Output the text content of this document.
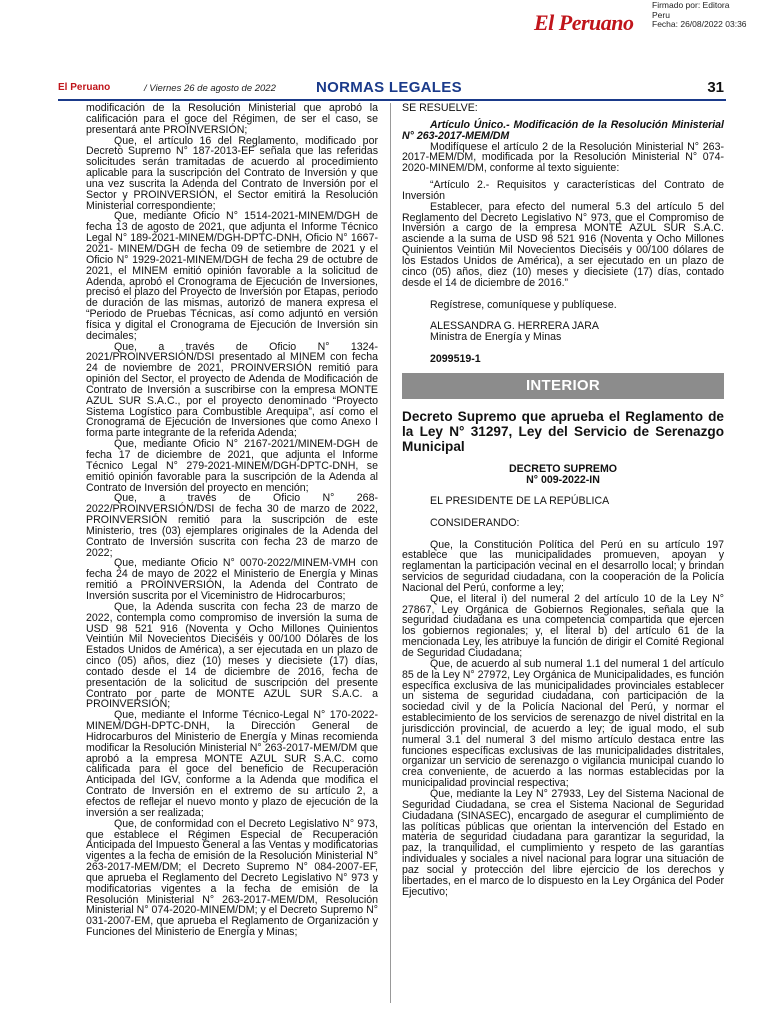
El Peruano
Firmado por: Editora
Peru
Fecha: 26/08/2022 03:36
El Peruano	/ Viernes 26 de agosto de 2022	NORMAS LEGALES	31

modificación de la Resolución Ministerial que aprobó la calificación para el goce del Régimen, de ser el caso, se presentará ante PROINVERSIÓN;

Que, el artículo 16 del Reglamento, modificado por Decreto Supremo N° 187-2013-EF señala que las referidas solicitudes serán tramitadas de acuerdo al procedimiento aplicable para la suscripción del Contrato de Inversión y que una vez suscrita la Adenda del Contrato de Inversión por el Sector y PROINVERSIÓN, el Sector emitirá la Resolución Ministerial correspondiente;

Que, mediante Oficio N° 1514-2021-MINEM/DGH de fecha 13 de agosto de 2021, que adjunta el Informe Técnico Legal N° 189-2021-MINEM/DGH-DPTC-DNH, Oficio N° 1667-2021- MINEM/DGH de fecha 09 de setiembre de 2021 y el Oficio N° 1929-2021-MINEM/DGH de fecha 29 de octubre de 2021, el MINEM emitió opinión favorable a la solicitud de Adenda, aprobó el Cronograma de Ejecución de Inversiones, precisó el plazo del Proyecto de Inversión por Etapas, periodo de duración de las mismas, autorizó de manera expresa el “Periodo de Pruebas Técnicas, así como adjuntó en versión física y digital el Cronograma de Ejecución de Inversión sin decimales;

Que, a través de Oficio N° 1324-2021/PROINVERSIÓN/DSI presentado al MINEM con fecha 24 de noviembre de 2021, PROINVERSIÓN remitió para opinión del Sector, el proyecto de Adenda de Modificación de Contrato de Inversión a suscribirse con la empresa MONTE AZUL SUR S.A.C., por el proyecto denominado “Proyecto Sistema Logístico para Combustible Arequipa”, así como el Cronograma de Ejecución de Inversiones que como Anexo I forma parte integrante de la referida Adenda;

Que, mediante Oficio N° 2167-2021/MINEM-DGH de fecha 17 de diciembre de 2021, que adjunta el Informe Técnico Legal N° 279-2021-MINEM/DGH-DPTC-DNH, se emitió opinión favorable para la suscripción de la Adenda al Contrato de Inversión del proyecto en mención;

Que, a través de Oficio N° 268-2022/PROINVERSIÓN/DSI de fecha 30 de marzo de 2022, PROINVERSIÓN remitió para la suscripción de este Ministerio, tres (03) ejemplares originales de la Adenda del Contrato de Inversión suscrita con fecha 23 de marzo de 2022;

Que, mediante Oficio N° 0070-2022/MINEM-VMH con fecha 24 de mayo de 2022 el Ministerio de Energía y Minas remitió a PROINVERSIÓN, la Adenda del Contrato de Inversión suscrita por el Viceministro de Hidrocarburos;

Que, la Adenda suscrita con fecha 23 de marzo de 2022, contempla como compromiso de inversión la suma de USD 98 521 916 (Noventa y Ocho Millones Quinientos Veintiún Mil Novecientos Dieciséis y 00/100 Dólares de los Estados Unidos de América), a ser ejecutada en un plazo de cinco (05) años, diez (10) meses y diecisiete (17) días, contado desde el 14 de diciembre de 2016, fecha de presentación de la solicitud de suscripción del presente Contrato por parte de MONTE AZUL SUR S.A.C. a PROINVERSIÓN;

Que, mediante el Informe Técnico-Legal N° 170-2022-MINEM/DGH-DPTC-DNH, la Dirección General de Hidrocarburos del Ministerio de Energía y Minas recomienda modificar la Resolución Ministerial N° 263-2017-MEM/DM que aprobó a la empresa MONTE AZUL SUR S.A.C. como calificada para el goce del beneficio de Recuperación Anticipada del IGV, conforme a la Adenda que modifica el Contrato de Inversión en el extremo de su artículo 2, a efectos de reflejar el nuevo monto y plazo de ejecución de la inversión a ser realizada;

Que, de conformidad con el Decreto Legislativo N° 973, que establece el Régimen Especial de Recuperación Anticipada del Impuesto General a las Ventas y modificatorias vigentes a la fecha de emisión de la Resolución Ministerial N° 263-2017-MEM/DM; el Decreto Supremo N° 084-2007-EF, que aprueba el Reglamento del Decreto Legislativo N° 973 y modificatorias vigentes a la fecha de emisión de la Resolución Ministerial N° 263-2017-MEM/DM, Resolución Ministerial N° 074-2020-MINEM/DM; y el Decreto Supremo N° 031-2007-EM, que aprueba el Reglamento de Organización y Funciones del Ministerio de Energía y Minas;

SE RESUELVE:

Artículo Único.- Modificación de la Resolución Ministerial N° 263-2017-MEM/DM

Modifíquese el artículo 2 de la Resolución Ministerial N° 263-2017-MEM/DM, modificada por la Resolución Ministerial N° 074-2020-MINEM/DM, conforme al texto siguiente:

“Artículo 2.- Requisitos y características del Contrato de Inversión

Establecer, para efecto del numeral 5.3 del artículo 5 del Reglamento del Decreto Legislativo N° 973, que el Compromiso de Inversión a cargo de la empresa MONTE AZUL SUR S.A.C. asciende a la suma de USD 98 521 916 (Noventa y Ocho Millones Quinientos Veintiún Mil Novecientos Dieciséis y 00/100 dólares de los Estados Unidos de América), a ser ejecutado en un plazo de cinco (05) años, diez (10) meses y diecisiete (17) días, contado desde el 14 de diciembre de 2016.”

Regístrese, comuníquese y publíquese.

ALESSANDRA G. HERRERA JARA

Ministra de Energía y Minas

2099519-1

INTERIOR
Decreto Supremo que aprueba el Reglamento de la Ley N° 31297, Ley del Servicio de Serenazgo Municipal
DECRETO SUPREMO
N° 009-2022-IN

EL PRESIDENTE DE LA REPÚBLICA

CONSIDERANDO:

Que, la Constitución Política del Perú en su artículo 197 establece que las municipalidades promueven, apoyan y reglamentan la participación vecinal en el desarrollo local; y brindan servicios de seguridad ciudadana, con la cooperación de la Policía Nacional del Perú, conforme a ley;

Que, el literal i) del numeral 2 del artículo 10 de la Ley N° 27867, Ley Orgánica de Gobiernos Regionales, señala que la seguridad ciudadana es una competencia compartida que ejercen los gobiernos regionales; y, el literal b) del artículo 61 de la mencionada Ley, les atribuye la función de dirigir el Comité Regional de Seguridad Ciudadana;

Que, de acuerdo al sub numeral 1.1 del numeral 1 del artículo 85 de la Ley N° 27972, Ley Orgánica de Municipalidades, es función específica exclusiva de las municipalidades provinciales establecer un sistema de seguridad ciudadana, con participación de la sociedad civil y de la Policía Nacional del Perú, y normar el establecimiento de los servicios de serenazgo de nivel distrital en la jurisdicción provincial, de acuerdo a ley; de igual modo, el sub numeral 3.1 del numeral 3 del mismo artículo destaca entre las funciones específicas exclusivas de las municipalidades distritales, organizar un servicio de serenazgo o vigilancia municipal cuando lo crea conveniente, de acuerdo a las normas establecidas por la municipalidad provincial respectiva;

Que, mediante la Ley N° 27933, Ley del Sistema Nacional de Seguridad Ciudadana, se crea el Sistema Nacional de Seguridad Ciudadana (SINASEC), encargado de asegurar el cumplimiento de las políticas públicas que orientan la intervención del Estado en materia de seguridad ciudadana para garantizar la seguridad, la paz, la tranquilidad, el cumplimiento y respeto de las garantías individuales y sociales a nivel nacional para lograr una situación de paz social y protección del libre ejercicio de los derechos y libertades, en el marco de lo dispuesto en la Ley Orgánica del Poder Ejecutivo;
